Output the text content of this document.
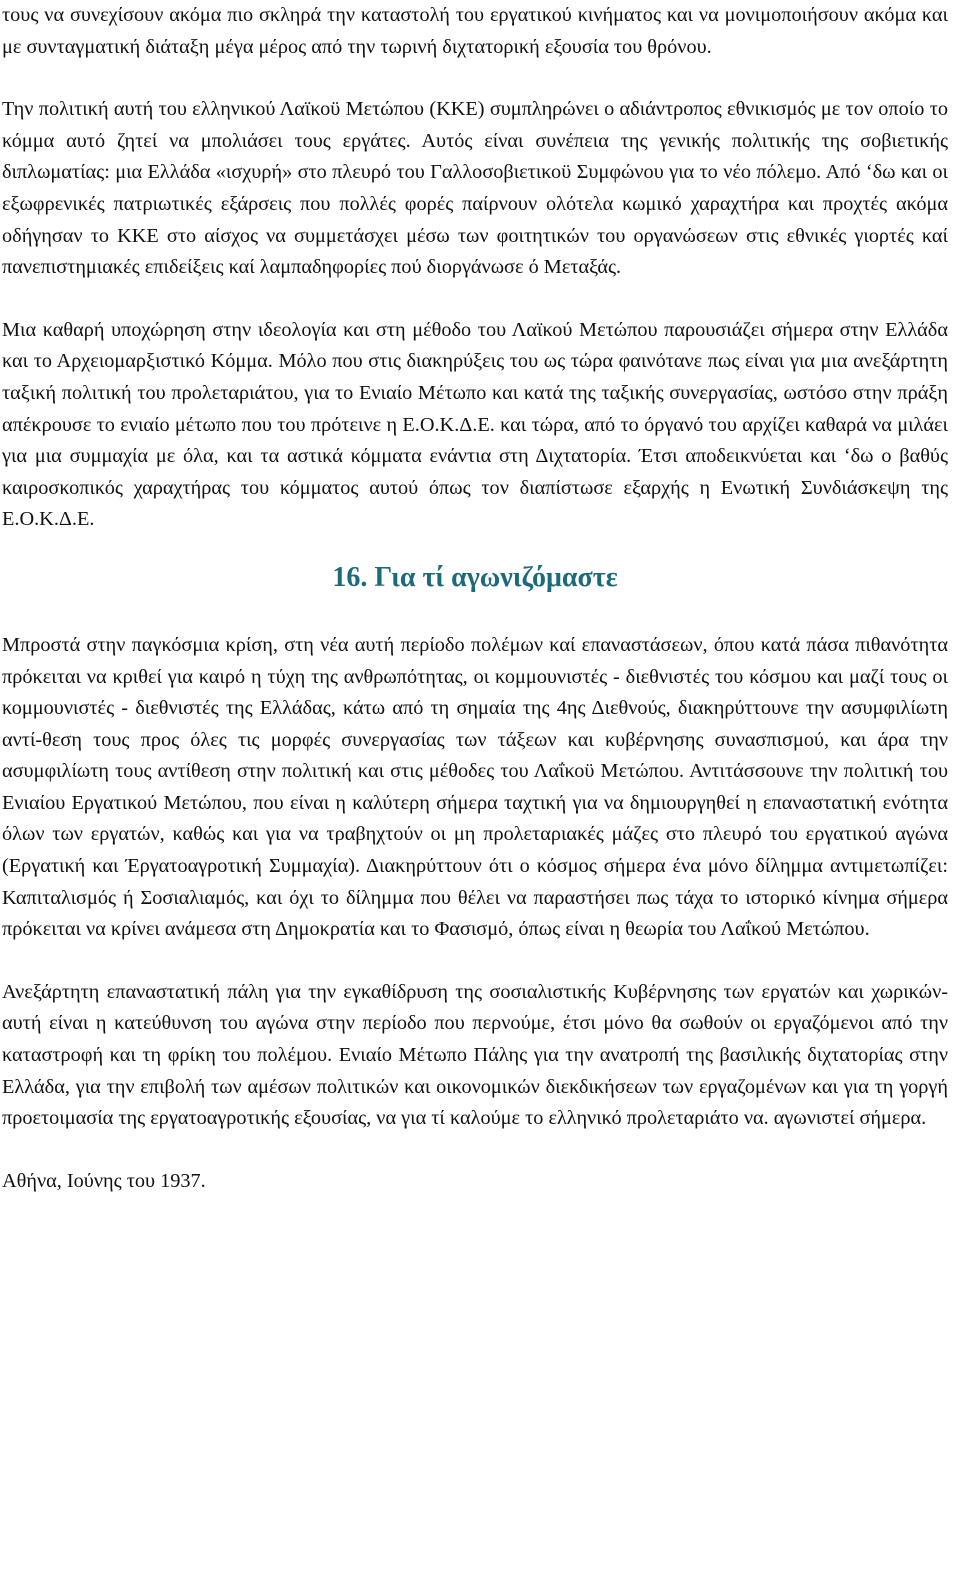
τους να συνεχίσουν ακόμα πιο σκληρά την καταστολή του εργατικού κινήματος και να μονιμοποιήσουν ακόμα και με συνταγματική διάταξη μέγα μέρος από την τωρινή διχτατορική εξουσία του θρόνου.

Την πολιτική αυτή του ελληνικού Λαϊκοϋ Μετώπου (ΚΚΕ) συμπληρώνει ο αδιάντροπος εθνικισμός με τον οποίο το κόμμα αυτό ζητεί να μπολιάσει τους εργάτες. Αυτός είναι συνέπεια της γενικής πολιτικής της σοβιετικής διπλωματίας: μια Ελλάδα «ισχυρή» στο πλευρό του Γαλλοσοβιετικοϋ Συμφώνου για το νέο πόλεμο. Από ‘δω και οι εξωφρενικές πατριωτικές εξάρσεις που πολλές φορές παίρνουν ολότελα κωμικό χαραχτήρα και προχτές ακόμα οδήγησαν το ΚΚΕ στο αίσχος να συμμετάσχει μέσω των φοιτητικών του οργανώσεων στις εθνικές γιορτές καί πανεπιστημιακές επιδείξεις καί λαμπαδηφορίες πού διοργάνωσε ό Μεταξάς.

Μια καθαρή υποχώρηση στην ιδεολογία και στη μέθοδο του Λαϊκού Μετώπου παρουσιάζει σήμερα στην Ελλάδα και το Αρχειομαρξιστικό Κόμμα. Μόλο που στις διακηρύξεις του ως τώρα φαινότανε πως είναι για μια ανεξάρτητη ταξική πολιτική του προλεταριάτου, για το Ενιαίο Μέτωπο και κατά της ταξικής συνεργασίας, ωστόσο στην πράξη απέκρουσε το ενιαίο μέτωπο που του πρότεινε η Ε.Ο.Κ.Δ.Ε. και τώρα, από το όργανό του αρχίζει καθαρά να μιλάει για μια συμμαχία με όλα, και τα αστικά κόμματα ενάντια στη Διχτατορία. Έτσι αποδεικνύεται και ‘δω ο βαθύς καιροσκοπικός χαραχτήρας του κόμματος αυτού όπως τον διαπίστωσε εξαρχής η Ενωτική Συνδιάσκεψη της Ε.Ο.Κ.Δ.Ε.

16. Για τί αγωνιζόμαστε

Μπροστά στην παγκόσμια κρίση, στη νέα αυτή περίοδο πολέμων καί επαναστάσεων, όπου κατά πάσα πιθανότητα πρόκειται να κριθεί για καιρό η τύχη της ανθρωπότητας, οι κομμουνιστές - διεθνιστές του κόσμου και μαζί τους οι κομμουνιστές - διεθνιστές της Ελλάδας, κάτω από τη σημαία της 4ης Διεθνούς, διακηρύττουνε την ασυμφιλίωτη αντί-θεση τους προς όλες τις μορφές συνεργασίας των τάξεων και κυβέρνησης συνασπισμού, και άρα την ασυμφιλίωτη τους αντίθεση στην πολιτική και στις μέθοδες του Λαΐκοϋ Μετώπου. Αντιτάσσουνε την πολιτική του Ενιαίου Εργατικού Μετώπου, που είναι η καλύτερη σήμερα ταχτική για να δημιουργηθεί η επαναστατική ενότητα όλων των εργατών, καθώς και για να τραβηχτούν οι μη προλεταριακές μάζες στο πλευρό του εργατικού αγώνα (Εργατική και Έργατοαγροτική Συμμαχία). Διακηρύττουν ότι ο κόσμος σήμερα ένα μόνο δίλημμα αντιμετωπίζει: Καπιταλισμός ή Σοσιαλιαμός, και όχι το δίλημμα που θέλει να παραστήσει πως τάχα το ιστορικό κίνημα σήμερα πρόκειται να κρίνει ανάμεσα στη Δημοκρατία και το Φασισμό, όπως είναι η θεωρία του Λαΐκού Μετώπου.

Ανεξάρτητη επαναστατική πάλη για την εγκαθίδρυση της σοσιαλιστικής Κυβέρνησης των εργατών και χωρικών-αυτή είναι η κατεύθυνση του αγώνα στην περίοδο που περνούμε, έτσι μόνο θα σωθούν οι εργαζόμενοι από την καταστροφή και τη φρίκη του πολέμου. Ενιαίο Μέτωπο Πάλης για την ανατροπή της βασιλικής διχτατορίας στην Ελλάδα, για την επιβολή των αμέσων πολιτικών και οικονομικών διεκδικήσεων των εργαζομένων και για τη γοργή προετοιμασία της εργατοαγροτικής εξουσίας, να για τί καλούμε το ελληνικό προλεταριάτο να. αγωνιστεί σήμερα.

Αθήνα, Ιούνης του 1937.
